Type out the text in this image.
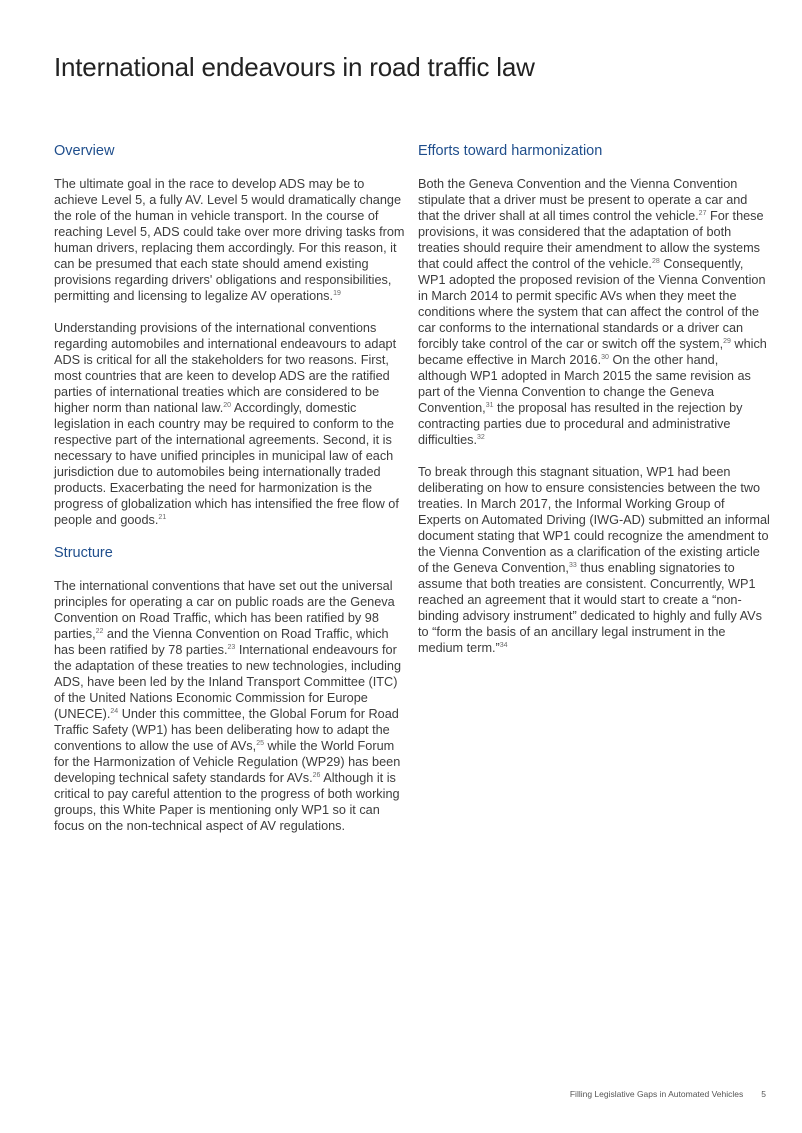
International endeavours in road traffic law
Overview

The ultimate goal in the race to develop ADS may be to achieve Level 5, a fully AV. Level 5 would dramatically change the role of the human in vehicle transport. In the course of reaching Level 5, ADS could take over more driving tasks from human drivers, replacing them accordingly. For this reason, it can be presumed that each state should amend existing provisions regarding drivers' obligations and responsibilities, permitting and licensing to legalize AV operations.$^{19}$

Understanding provisions of the international conventions regarding automobiles and international endeavours to adapt ADS is critical for all the stakeholders for two reasons. First, most countries that are keen to develop ADS are the ratified parties of international treaties which are considered to be higher norm than national law.$^{20}$ Accordingly, domestic legislation in each country may be required to conform to the respective part of the international agreements. Second, it is necessary to have unified principles in municipal law of each jurisdiction due to automobiles being internationally traded products. Exacerbating the need for harmonization is the progress of globalization which has intensified the free flow of people and goods.$^{21}$

Structure

The international conventions that have set out the universal principles for operating a car on public roads are the Geneva Convention on Road Traffic, which has been ratified by 98 parties,$^{22}$ and the Vienna Convention on Road Traffic, which has been ratified by 78 parties.$^{23}$ International endeavours for the adaptation of these treaties to new technologies, including ADS, have been led by the Inland Transport Committee (ITC) of the United Nations Economic Commission for Europe (UNECE).$^{24}$ Under this committee, the Global Forum for Road Traffic Safety (WP1) has been deliberating how to adapt the conventions to allow the use of AVs,$^{25}$ while the World Forum for the Harmonization of Vehicle Regulation (WP29) has been developing technical safety standards for AVs.$^{26}$ Although it is critical to pay careful attention to the progress of both working groups, this White Paper is mentioning only WP1 so it can focus on the non-technical aspect of AV regulations.

Efforts toward harmonization

Both the Geneva Convention and the Vienna Convention stipulate that a driver must be present to operate a car and that the driver shall at all times control the vehicle.$^{27}$ For these provisions, it was considered that the adaptation of both treaties should require their amendment to allow the systems that could affect the control of the vehicle.$^{28}$ Consequently, WP1 adopted the proposed revision of the Vienna Convention in March 2014 to permit specific AVs when they meet the conditions where the system that can affect the control of the car conforms to the international standards or a driver can forcibly take control of the car or switch off the system,$^{29}$ which became effective in March 2016.30 On the other hand, although WP1 adopted in March 2015 the same revision as part of the Vienna Convention to change the Geneva Convention,$^{31}$ the proposal has resulted in the rejection by contracting parties due to procedural and administrative difficulties.$^{32}$

To break through this stagnant situation, WP1 had been deliberating on how to ensure consistencies between the two treaties. In March 2017, the Informal Working Group of Experts on Automated Driving (IWG-AD) submitted an informal document stating that WP1 could recognize the amendment to the Vienna Convention as a clarification of the existing article of the Geneva Convention,$^{33}$ thus enabling signatories to assume that both treaties are consistent. Concurrently, WP1 reached an agreement that it would start to create a “non-binding advisory instrument” dedicated to highly and fully AVs to “form the basis of an ancillary legal instrument in the medium term.”$^{34}$

Filling Legislative Gaps in Automated Vehicles 5
